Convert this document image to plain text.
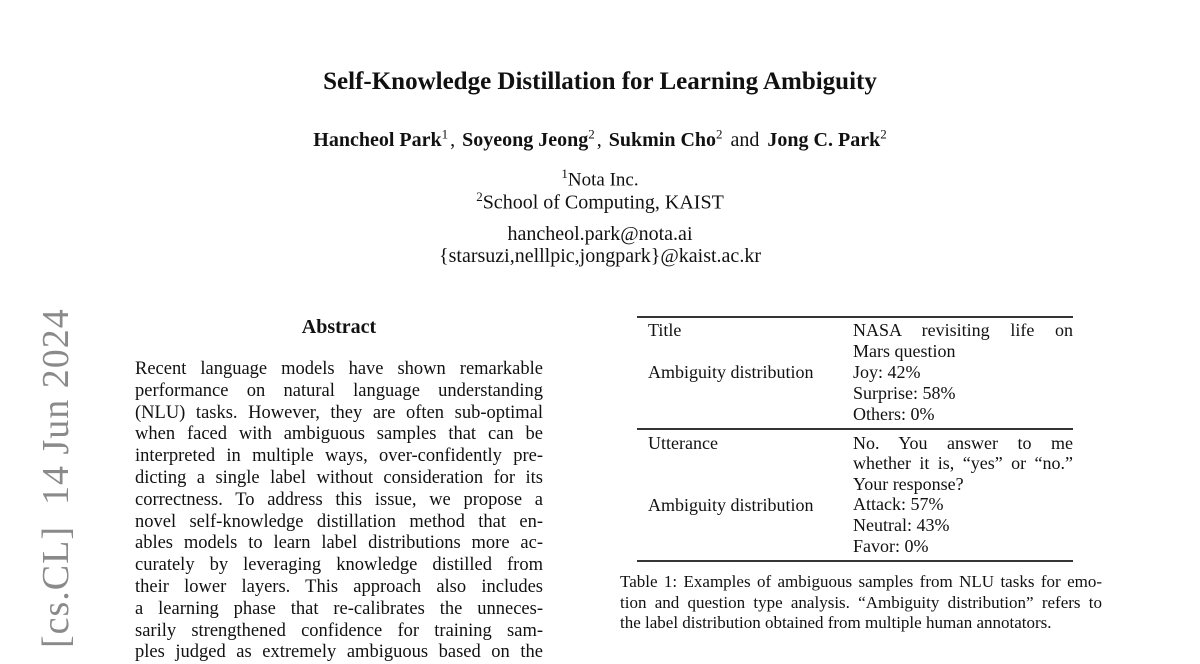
[cs.CL]  14 Jun 2024
Self-Knowledge Distillation for Learning Ambiguity
Hancheol Park$^1$ , Soyeong Jeong$^2$ , Sukmin Cho$^2$ and Jong C. Park$^2$
$^1$Nota Inc.
$^2$School of Computing, KAIST
hancheol.park@nota.ai
{starsuzi,nelllpic,jongpark}@kaist.ac.kr
Abstract
Recent language models have shown remarkable
performance on natural language understanding
(NLU) tasks. However, they are often sub-optimal
when faced with ambiguous samples that can be
interpreted in multiple ways, over-confidently pre-
dicting a single label without consideration for its
correctness. To address this issue, we propose a
novel self-knowledge distillation method that en-
ables models to learn label distributions more ac-
curately by leveraging knowledge distilled from
their lower layers. This approach also includes
a learning phase that re-calibrates the unneces-
sarily strengthened confidence for training sam-
ples judged as extremely ambiguous based on the
Title
Ambiguity distribution
NASA revisiting life on
Mars question
Joy: 42%
Surprise: 58%
Others: 0%
Utterance
Ambiguity distribution
No. You answer to me
whether it is, “yes” or “no.”
Your response?
Attack: 57%
Neutral: 43%
Favor: 0%
Table 1: Examples of ambiguous samples from NLU tasks for emo-
tion and question type analysis. “Ambiguity distribution” refers to
the label distribution obtained from multiple human annotators.
